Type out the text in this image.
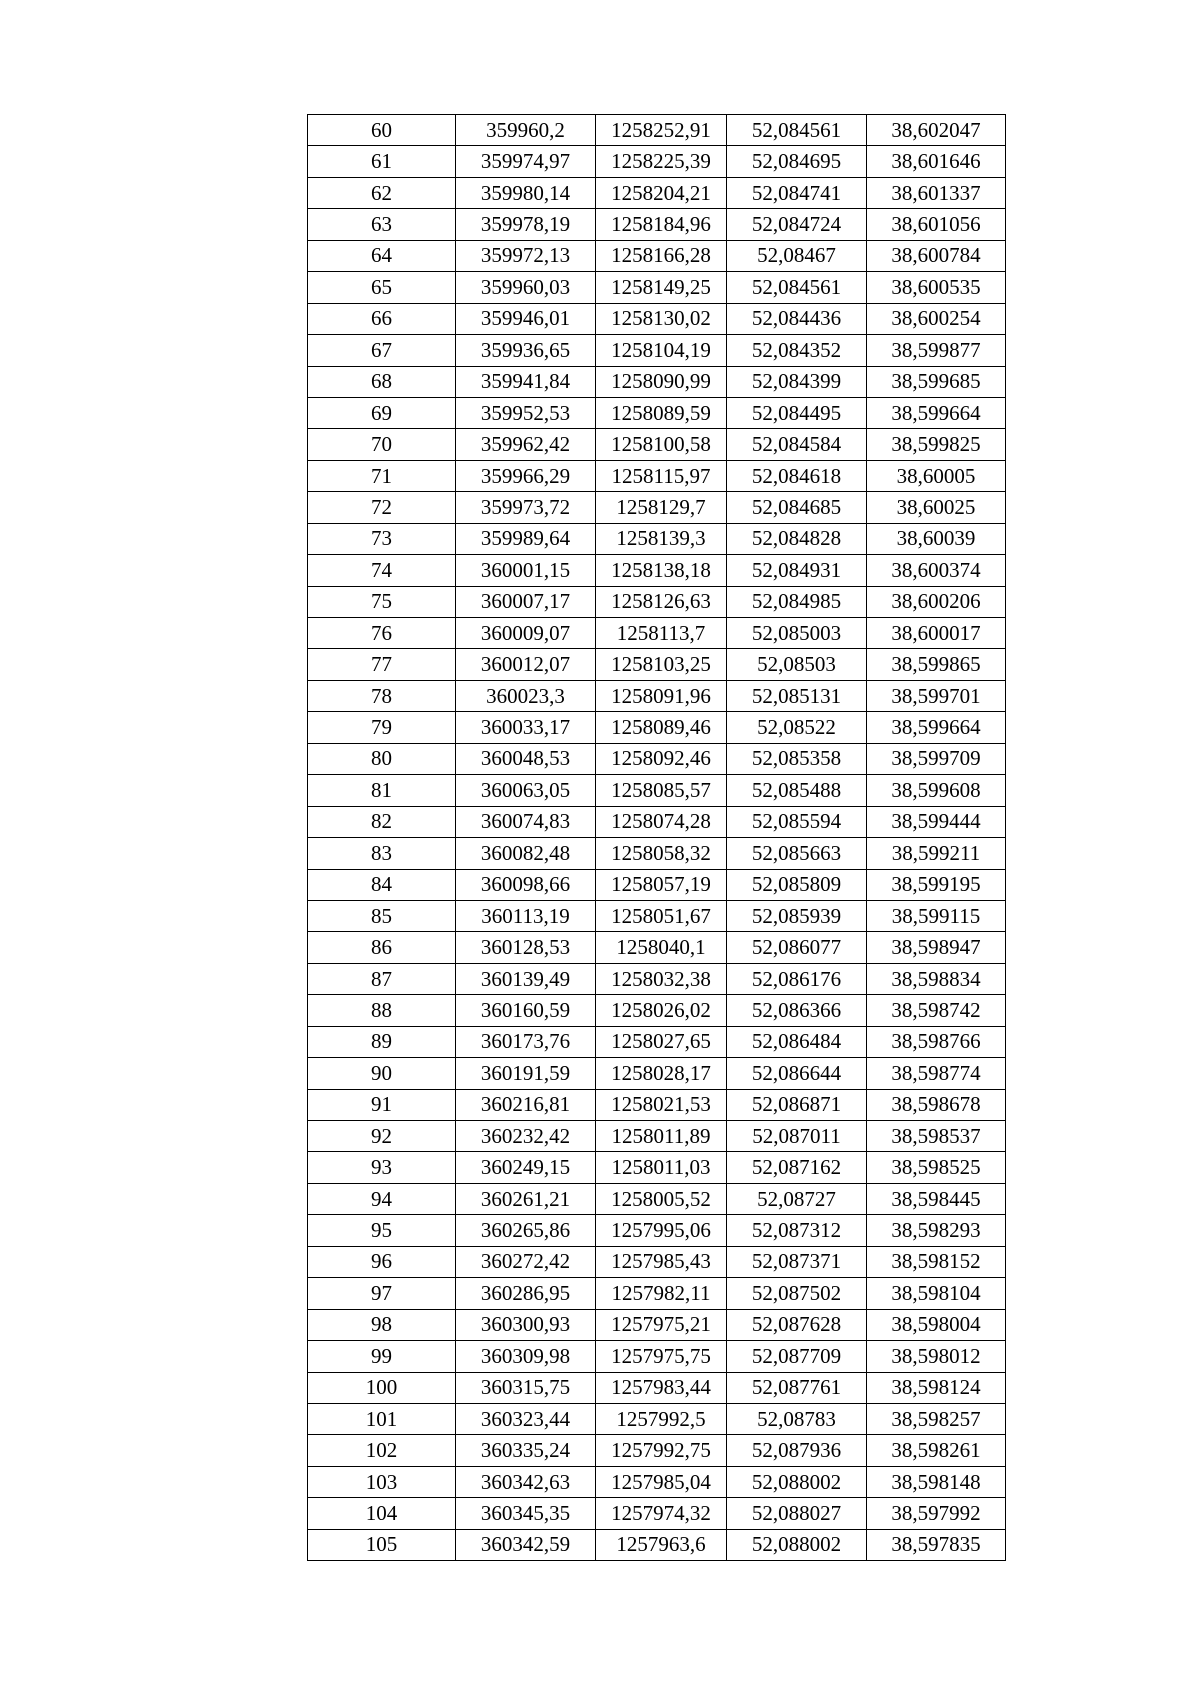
60	359960,2	1258252,91	52,084561	38,602047
61	359974,97	1258225,39	52,084695	38,601646
62	359980,14	1258204,21	52,084741	38,601337
63	359978,19	1258184,96	52,084724	38,601056
64	359972,13	1258166,28	52,08467	38,600784
65	359960,03	1258149,25	52,084561	38,600535
66	359946,01	1258130,02	52,084436	38,600254
67	359936,65	1258104,19	52,084352	38,599877
68	359941,84	1258090,99	52,084399	38,599685
69	359952,53	1258089,59	52,084495	38,599664
70	359962,42	1258100,58	52,084584	38,599825
71	359966,29	1258115,97	52,084618	38,60005
72	359973,72	1258129,7	52,084685	38,60025
73	359989,64	1258139,3	52,084828	38,60039
74	360001,15	1258138,18	52,084931	38,600374
75	360007,17	1258126,63	52,084985	38,600206
76	360009,07	1258113,7	52,085003	38,600017
77	360012,07	1258103,25	52,08503	38,599865
78	360023,3	1258091,96	52,085131	38,599701
79	360033,17	1258089,46	52,08522	38,599664
80	360048,53	1258092,46	52,085358	38,599709
81	360063,05	1258085,57	52,085488	38,599608
82	360074,83	1258074,28	52,085594	38,599444
83	360082,48	1258058,32	52,085663	38,599211
84	360098,66	1258057,19	52,085809	38,599195
85	360113,19	1258051,67	52,085939	38,599115
86	360128,53	1258040,1	52,086077	38,598947
87	360139,49	1258032,38	52,086176	38,598834
88	360160,59	1258026,02	52,086366	38,598742
89	360173,76	1258027,65	52,086484	38,598766
90	360191,59	1258028,17	52,086644	38,598774
91	360216,81	1258021,53	52,086871	38,598678
92	360232,42	1258011,89	52,087011	38,598537
93	360249,15	1258011,03	52,087162	38,598525
94	360261,21	1258005,52	52,08727	38,598445
95	360265,86	1257995,06	52,087312	38,598293
96	360272,42	1257985,43	52,087371	38,598152
97	360286,95	1257982,11	52,087502	38,598104
98	360300,93	1257975,21	52,087628	38,598004
99	360309,98	1257975,75	52,087709	38,598012
100	360315,75	1257983,44	52,087761	38,598124
101	360323,44	1257992,5	52,08783	38,598257
102	360335,24	1257992,75	52,087936	38,598261
103	360342,63	1257985,04	52,088002	38,598148
104	360345,35	1257974,32	52,088027	38,597992
105	360342,59	1257963,6	52,088002	38,597835
